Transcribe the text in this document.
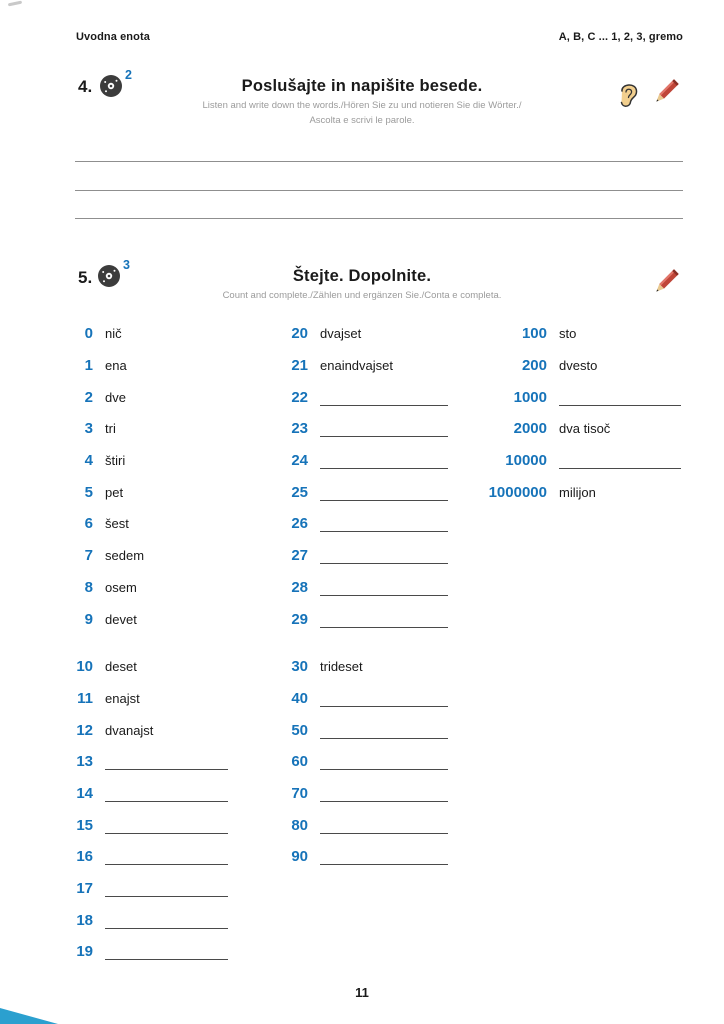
Uvodna enota	A, B, C ... 1, 2, 3, gremo
4.
2
Poslušajte in napišite besede.
Listen and write down the words./Hören Sie zu und notieren Sie die Wörter./
Ascolta e scrivi le parole.
5.
3
Štejte. Dopolnite.
Count and complete./Zählen und ergänzen Sie./Conta e completa.
0 nič
1 ena
2 dve
3 tri
4 štiri
5 pet
6 šest
7 sedem
8 osem
9 devet
10 deset
11 enajst
12 dvanajst
13
14
15
16
17
18
19
20 dvajset
21 enaindvajset
22
23
24
25
26
27
28
29
30 trideset
40
50
60
70
80
90
100 sto
200 dvesto
1000
2000 dva tisoč
10000
1000000 milijon
11
